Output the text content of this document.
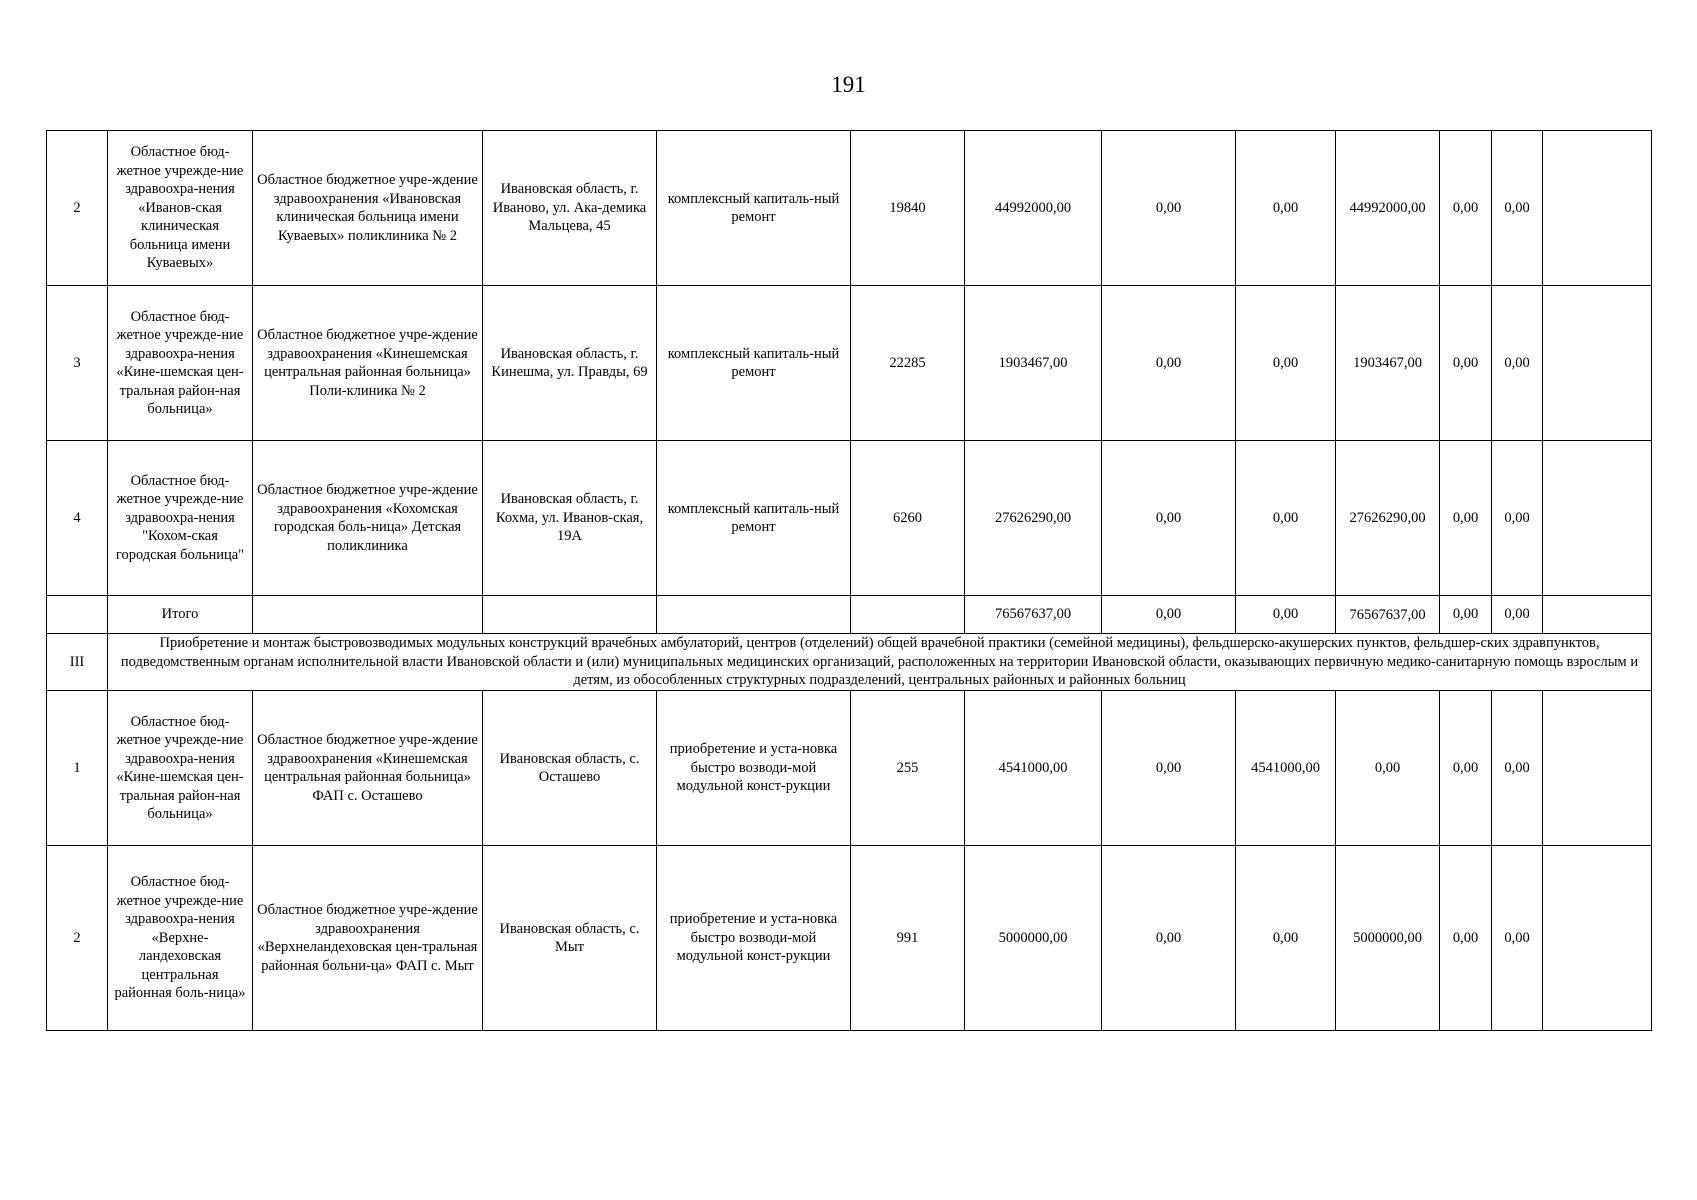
191
2	Областное бюд-жетное учрежде-ние здравоохра-нения «Иванов-ская клиническая больница имени Куваевых»	Областное бюджетное учре-ждение здравоохранения «Ивановская клиническая больница имени Куваевых» поликлиника № 2	Ивановская область, г. Иваново, ул. Ака-демика Мальцева, 45	комплексный капиталь-ный ремонт	19840	44992000,00	0,00	0,00	44992000,00	0,00	0,00	
3	Областное бюд-жетное учрежде-ние здравоохра-нения «Кине-шемская цен-тральная район-ная больница»	Областное бюджетное учре-ждение здравоохранения «Кинешемская центральная районная больница» Поли-клиника № 2	Ивановская область, г. Кинешма, ул. Правды, 69	комплексный капиталь-ный ремонт	22285	1903467,00	0,00	0,00	1903467,00	0,00	0,00	
4	Областное бюд-жетное учрежде-ние здравоохра-нения "Кохом-ская городская больница"	Областное бюджетное учре-ждение здравоохранения «Кохомская городская боль-ница» Детская поликлиника	Ивановская область, г. Кохма, ул. Иванов-ская, 19А	комплексный капиталь-ный ремонт	6260	27626290,00	0,00	0,00	27626290,00	0,00	0,00	
	Итого					76567637,00	0,00	0,00	76567637,00	0,00	0,00	
III	Приобретение и монтаж быстровозводимых модульных конструкций врачебных амбулаторий, центров (отделений) общей врачебной практики (семейной медицины), фельдшерско-акушерских пунктов, фельдшер-ских здравпунктов, подведомственным органам исполнительной власти Ивановской области и (или) муниципальных медицинских организаций, расположенных на территории Ивановской области, оказывающих первичную медико-санитарную помощь взрослым и детям, из обособленных структурных подразделений, центральных районных и районных больниц											
1	Областное бюд-жетное учрежде-ние здравоохра-нения «Кине-шемская цен-тральная район-ная больница»	Областное бюджетное учре-ждение здравоохранения «Кинешемская центральная районная больница» ФАП с. Осташево	Ивановская область, с. Осташево	приобретение и уста-новка быстро возводи-мой модульной конст-рукции	255	4541000,00	0,00	4541000,00	0,00	0,00	0,00	
2	Областное бюд-жетное учрежде-ние здравоохра-нения «Верхне-ландеховская центральная районная боль-ница»	Областное бюджетное учре-ждение здравоохранения «Верхнеландеховская цен-тральная районная больни-ца» ФАП с. Мыт	Ивановская область, с. Мыт	приобретение и уста-новка быстро возводи-мой модульной конст-рукции	991	5000000,00	0,00	0,00	5000000,00	0,00	0,00	
